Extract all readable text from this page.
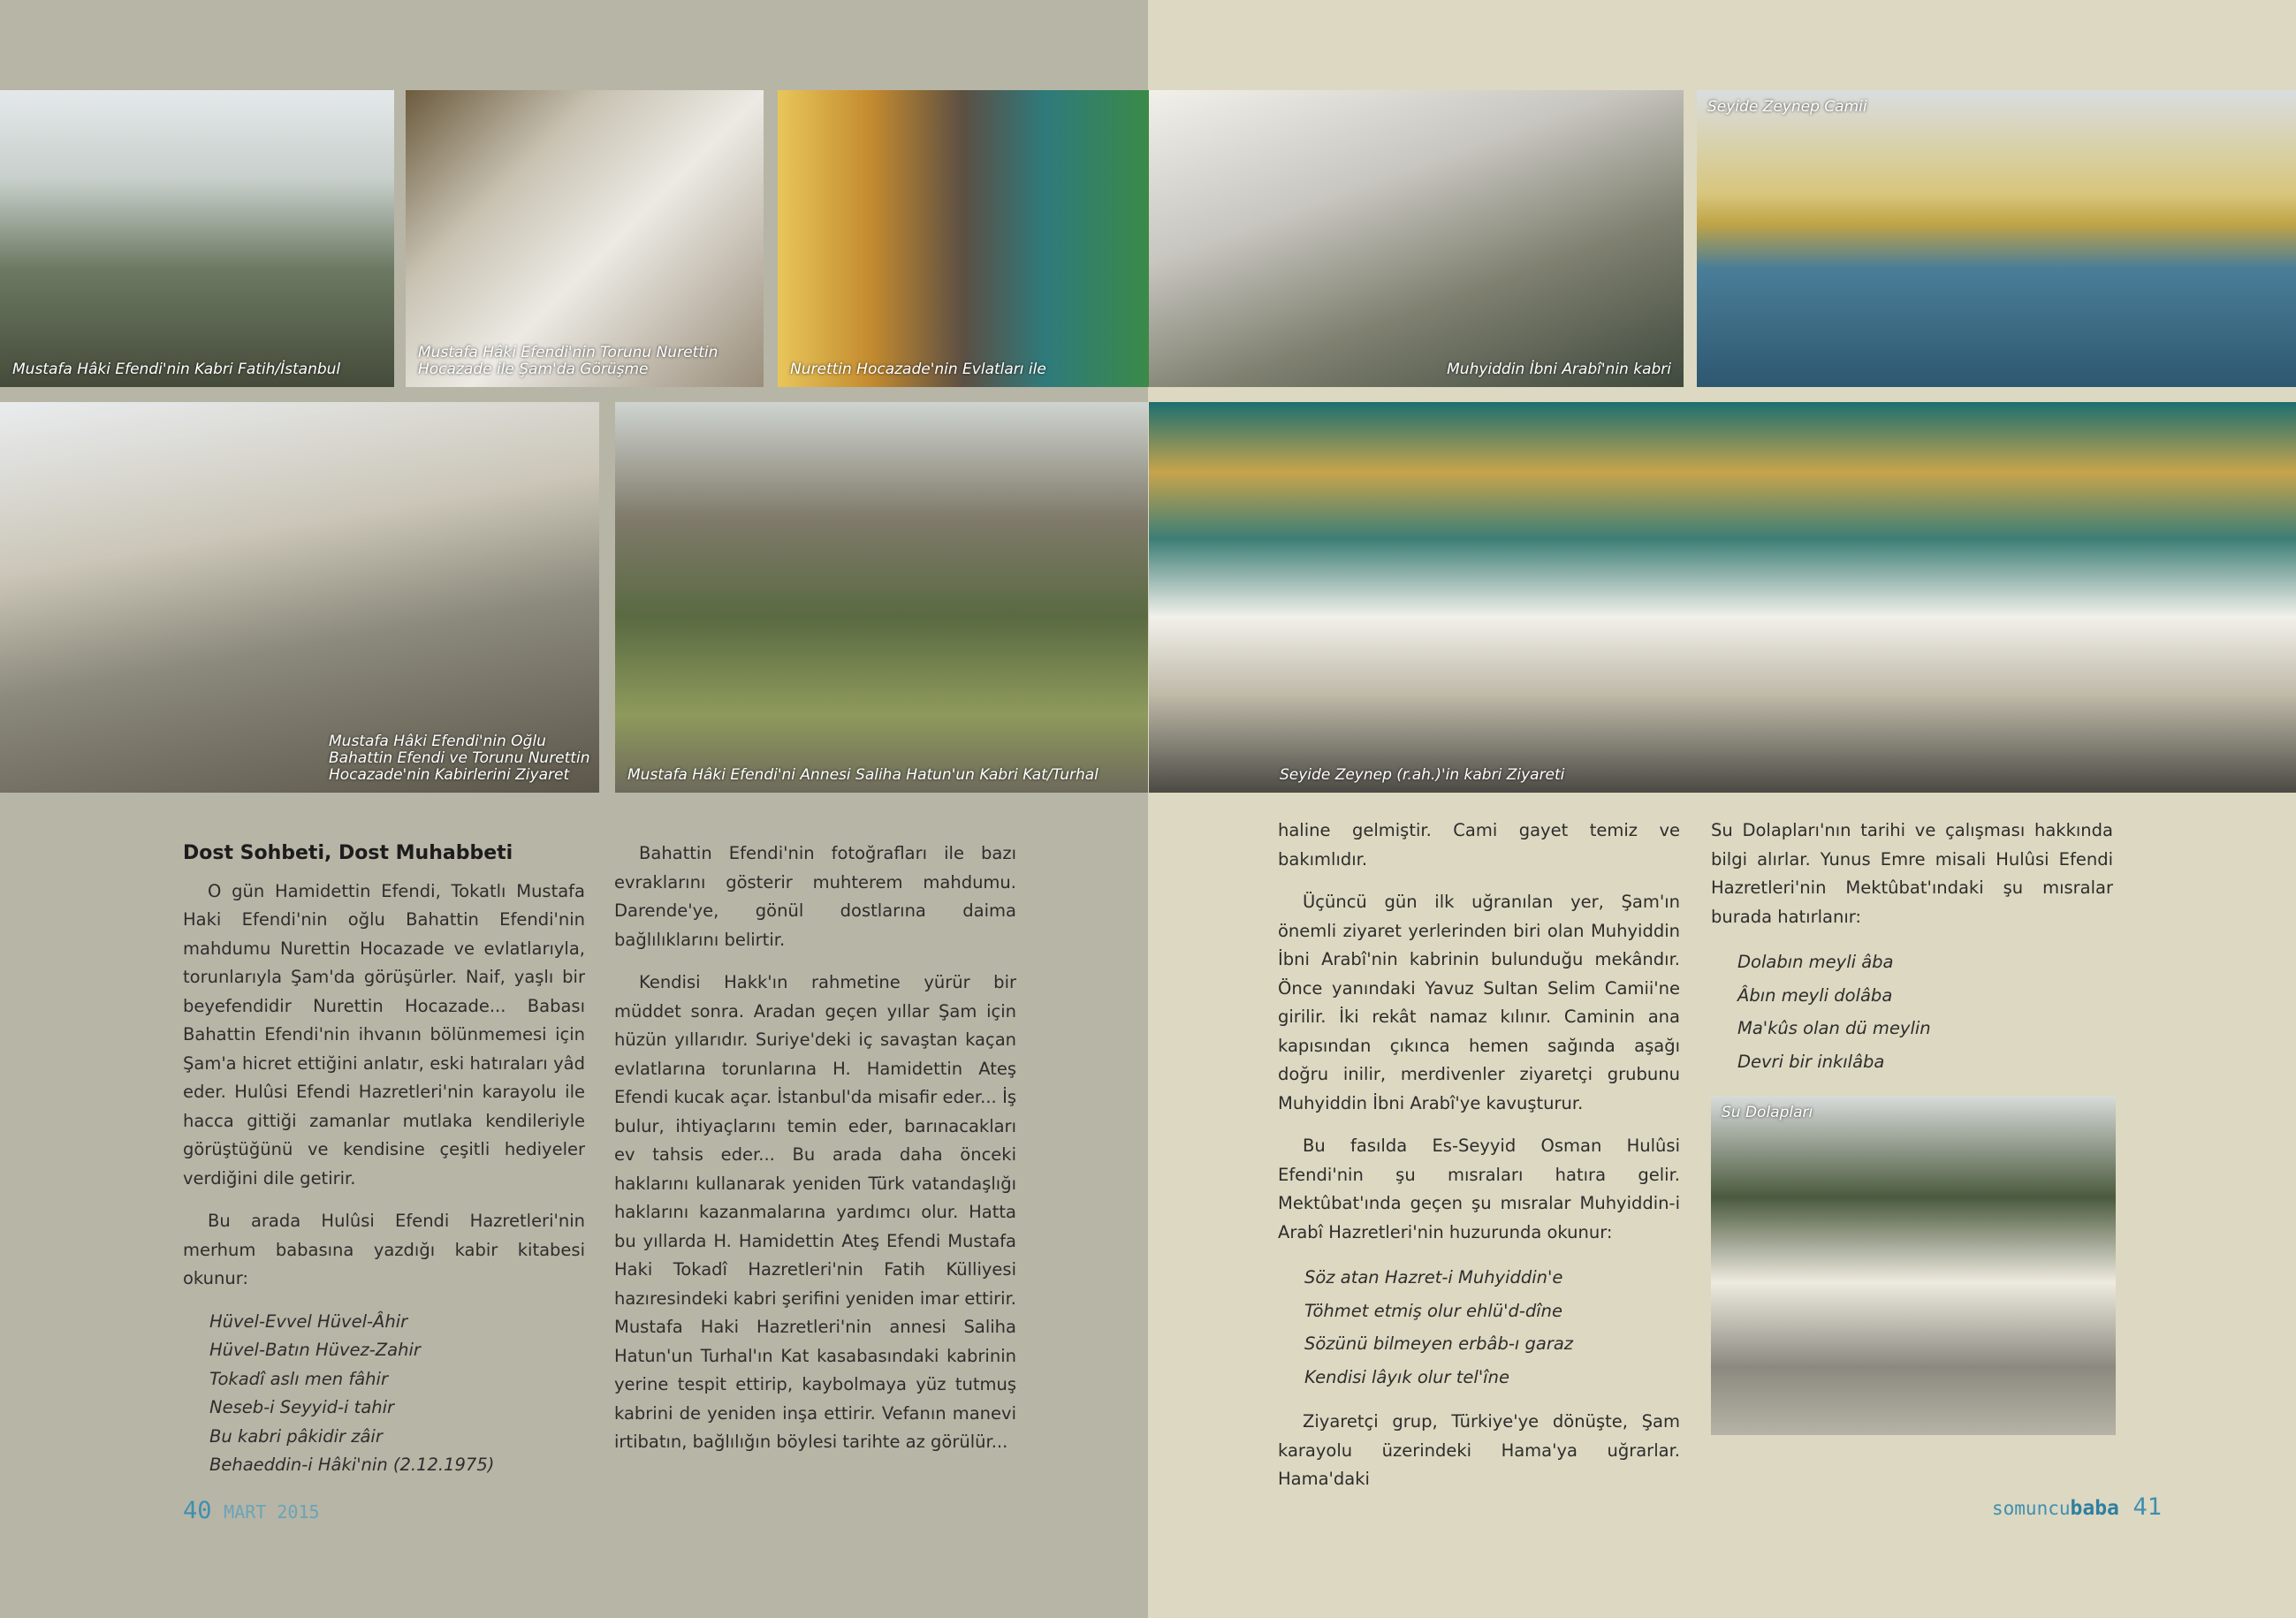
Mustafa Hâki Efendi'nin Kabri Fatih/İstanbul
Mustafa Hâki Efendi'nin Torunu Nurettin Hocazade ile Şam'da Görüşme	Nurettin Hocazade'nin Evlatları ile	Muhyiddin İbni Arabî'nin kabri
Seyide Zeynep Camii
Mustafa Hâki Efendi'nin Oğlu Bahattin Efendi ve Torunu Nurettin Hocazade'nin Kabirlerini Ziyaret	Mustafa Hâki Efendi'ni Annesi Saliha Hatun'un Kabri Kat/Turhal	Seyide Zeynep (r.ah.)'in kabri Ziyareti
Dost Sohbeti, Dost Muhabbeti

O gün Hamidettin Efendi, Tokatlı Mustafa Haki Efendi'nin oğlu Bahattin Efendi'nin mahdumu Nurettin Hocazade ve evlatlarıyla, torunlarıyla Şam'da görüşürler. Naif, yaşlı bir beyefendidir Nurettin Hocazade... Babası Bahattin Efendi'nin ihvanın bölünmemesi için Şam'a hicret ettiğini anlatır, eski hatıraları yâd eder. Hulûsi Efendi Hazretleri'nin karayolu ile hacca gittiği zamanlar mutlaka kendileriyle görüştüğünü ve kendisine çeşitli hediyeler verdiğini dile getirir.

Bu arada Hulûsi Efendi Hazretleri'nin merhum babasına yazdığı kabir kitabesi okunur:

Hüvel-Evvel Hüvel-Âhir
Hüvel-Batın Hüvez-Zahir
Tokadî aslı men fâhir
Neseb-i Seyyid-i tahir
Bu kabri pâkidir zâir
Behaeddin-i Hâki'nin (2.12.1975)

Bahattin Efendi'nin fotoğrafları ile bazı evraklarını gösterir muhterem mahdumu. Darende'ye, gönül dostlarına daima bağlılıklarını belirtir.

Kendisi Hakk'ın rahmetine yürür bir müddet sonra. Aradan geçen yıllar Şam için hüzün yıllarıdır. Suriye'deki iç savaştan kaçan evlatlarına torunlarına H. Hamidettin Ateş Efendi kucak açar. İstanbul'da misafir eder... İş bulur, ihtiyaçlarını temin eder, barınacakları ev tahsis eder... Bu arada daha önceki haklarını kullanarak yeniden Türk vatandaşlığı haklarını kazanmalarına yardımcı olur. Hatta bu yıllarda H. Hamidettin Ateş Efendi Mustafa Haki Tokadî Hazretleri'nin Fatih Külliyesi hazıresindeki kabri şerifini yeniden imar ettirir. Mustafa Haki Hazretleri'nin annesi Saliha Hatun'un Turhal'ın Kat kasabasındaki kabrinin yerine tespit ettirip, kaybolmaya yüz tutmuş kabrini de yeniden inşa ettirir. Vefanın manevi irtibatın, bağlılığın böylesi tarihte az görülür...

haline gelmiştir. Cami gayet temiz ve bakımlıdır.

Üçüncü gün ilk uğranılan yer, Şam'ın önemli ziyaret yerlerinden biri olan Muhyiddin İbni Arabî'nin kabrinin bulunduğu mekândır. Önce yanındaki Yavuz Sultan Selim Camii'ne girilir. İki rekât namaz kılınır. Caminin ana kapısından çıkınca hemen sağında aşağı doğru inilir, merdivenler ziyaretçi grubunu Muhyiddin İbni Arabî'ye kavuşturur.

Bu fasılda Es-Seyyid Osman Hulûsi Efendi'nin şu mısraları hatıra gelir. Mektûbat'ında geçen şu mısralar Muhyiddin-i Arabî Hazretleri'nin huzurunda okunur:

Söz atan Hazret-i Muhyiddin'e
Töhmet etmiş olur ehlü'd-dîne
Sözünü bilmeyen erbâb-ı garaz
Kendisi lâyık olur tel'îne

Ziyaretçi grup, Türkiye'ye dönüşte, Şam karayolu üzerindeki Hama'ya uğrarlar. Hama'daki

Su Dolapları'nın tarihi ve çalışması hakkında bilgi alırlar. Yunus Emre misali Hulûsi Efendi Hazretleri'nin Mektûbat'ındaki şu mısralar burada hatırlanır:

Dolabın meyli âba
Âbın meyli dolâba
Ma'kûs olan dü meylin
Devri bir inkılâba
Su Dolapları
40 MART 2015	somuncubaba 41
